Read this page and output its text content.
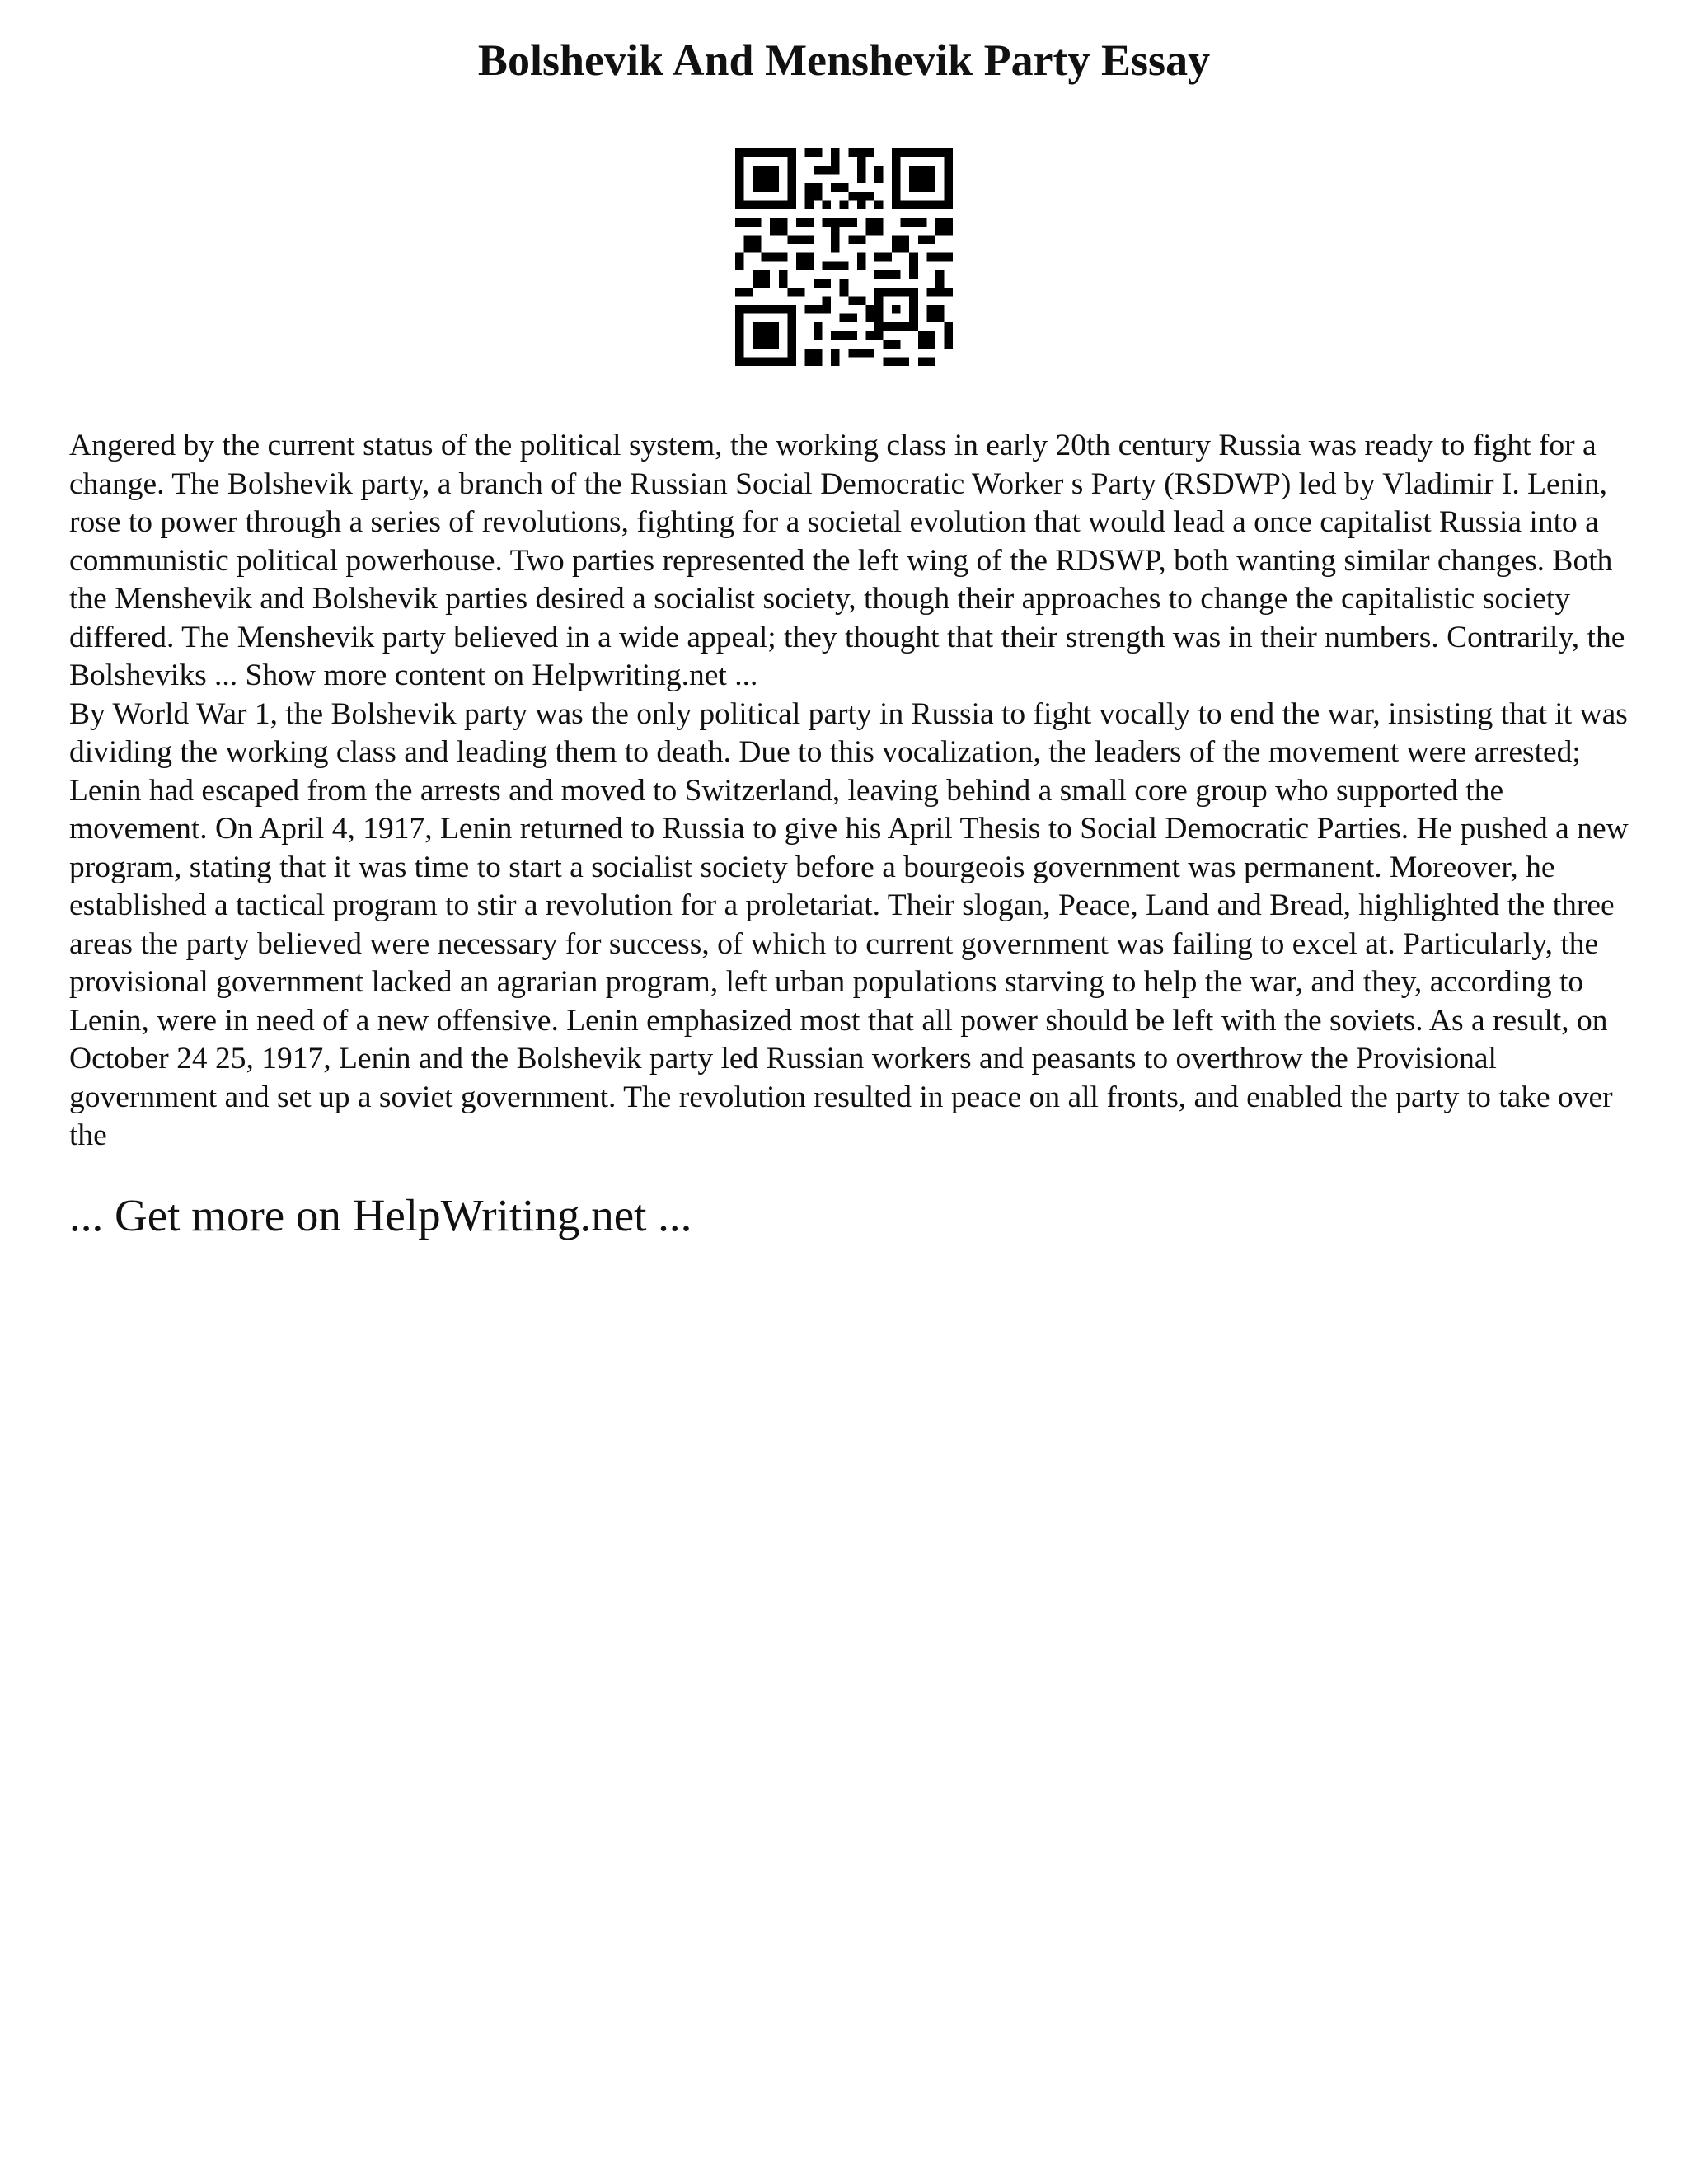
Bolshevik And Menshevik Party Essay

Angered by the current status of the political system, the working class in early 20th century Russia was ready to fight for a change. The Bolshevik party, a branch of the Russian Social Democratic Worker s Party (RSDWP) led by Vladimir I. Lenin, rose to power through a series of revolutions, fighting for a societal evolution that would lead a once capitalist Russia into a communistic political powerhouse. Two parties represented the left wing of the RDSWP, both wanting similar changes. Both the Menshevik and Bolshevik parties desired a socialist society, though their approaches to change the capitalistic society differed. The Menshevik party believed in a wide appeal; they thought that their strength was in their numbers. Contrarily, the Bolsheviks ... Show more content on Helpwriting.net ...

By World War 1, the Bolshevik party was the only political party in Russia to fight vocally to end the war, insisting that it was dividing the working class and leading them to death. Due to this vocalization, the leaders of the movement were arrested; Lenin had escaped from the arrests and moved to Switzerland, leaving behind a small core group who supported the movement. On April 4, 1917, Lenin returned to Russia to give his April Thesis to Social Democratic Parties. He pushed a new program, stating that it was time to start a socialist society before a bourgeois government was permanent. Moreover, he established a tactical program to stir a revolution for a proletariat. Their slogan, Peace, Land and Bread, highlighted the three areas the party believed were necessary for success, of which to current government was failing to excel at. Particularly, the provisional government lacked an agrarian program, left urban populations starving to help the war, and they, according to Lenin, were in need of a new offensive. Lenin emphasized most that all power should be left with the soviets. As a result, on October 24 25, 1917, Lenin and the Bolshevik party led Russian workers and peasants to overthrow the Provisional government and set up a soviet government. The revolution resulted in peace on all fronts, and enabled the party to take over the

... Get more on HelpWriting.net ...
